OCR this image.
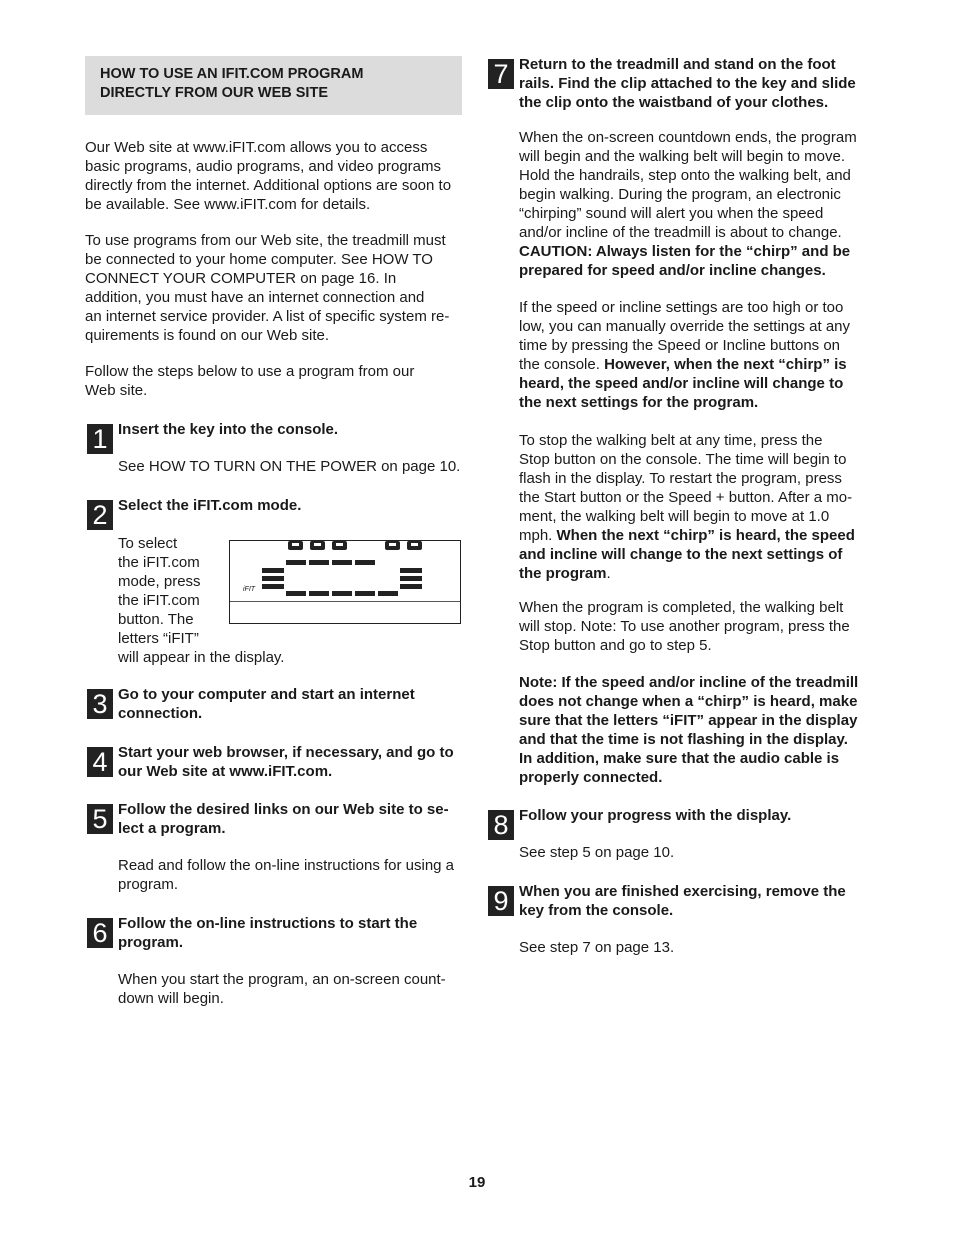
HOW TO USE AN IFIT.COM PROGRAM

DIRECTLY FROM OUR WEB SITE

Our Web site at www.iFIT.com allows you to access

basic programs, audio programs, and video programs

directly from the internet. Additional options are soon to

be available. See www.iFIT.com for details.

To use programs from our Web site, the treadmill must

be connected to your home computer. See HOW TO

CONNECT YOUR COMPUTER on page 16. In

addition, you must have an internet connection and

an internet service provider. A list of specific system re-

quirements is found on our Web site.

Follow the steps below to use a program from our

Web site.

1 Insert the key into the console.

See HOW TO TURN ON THE POWER on page 10.

2 Select the iFIT.com mode.

To select

the iFIT.com

mode, press

the iFIT.com

button. The

letters “iFIT”

will appear in the display.

iFIT
3 Go to your computer and start an internet

connection.

4 Start your web browser, if necessary, and go to

our Web site at www.iFIT.com.

5 Follow the desired links on our Web site to se-

lect a program.

Read and follow the on-line instructions for using a

program.

6 Follow the on-line instructions to start the

program.

When you start the program, an on-screen count-

down will begin.

7 Return to the treadmill and stand on the foot

rails. Find the clip attached to the key and slide

the clip onto the waistband of your clothes.

When the on-screen countdown ends, the program

will begin and the walking belt will begin to move.

Hold the handrails, step onto the walking belt, and

begin walking. During the program, an electronic

“chirping” sound will alert you when the speed

and/or incline of the treadmill is about to change.

CAUTION: Always listen for the “chirp” and be

prepared for speed and/or incline changes.

If the speed or incline settings are too high or too

low, you can manually override the settings at any

time by pressing the Speed or Incline buttons on

the console. However, when the next “chirp” is

heard, the speed and/or incline will change to

the next settings for the program.

To stop the walking belt at any time, press the

Stop button on the console. The time will begin to

flash in the display. To restart the program, press

the Start button or the Speed + button. After a mo-

ment, the walking belt will begin to move at 1.0

mph. When the next “chirp” is heard, the speed

and incline will change to the next settings of

the program.

When the program is completed, the walking belt

will stop. Note: To use another program, press the

Stop button and go to step 5.

Note: If the speed and/or incline of the treadmill

does not change when a “chirp” is heard, make

sure that the letters “iFIT” appear in the display

and that the time is not flashing in the display.

In addition, make sure that the audio cable is

properly connected.

8 Follow your progress with the display.

See step 5 on page 10.

9 When you are finished exercising, remove the

key from the console.

See step 7 on page 13.

19
